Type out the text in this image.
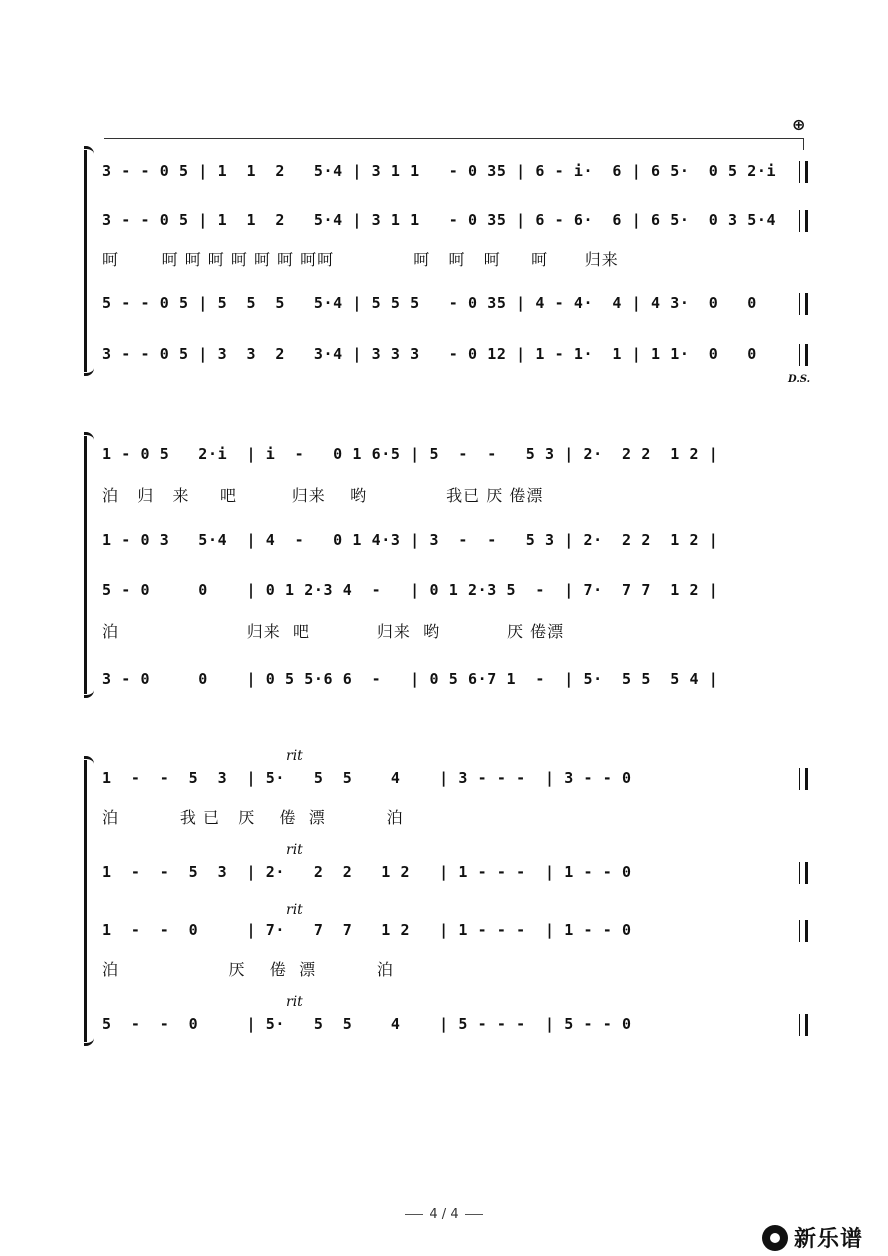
⊕
3 - - 0 5 | 1  1  2   5·4 | 3 1 1   - 0 35 | 6 - i·  6 | 6 5·  0 5 2·i
3 - - 0 5 | 1  1  2   5·4 | 3 1 1   - 0 35 | 6 - 6·  6 | 6 5·  0 3 5·4
呵       呵 呵 呵 呵 呵 呵 呵呵             呵   呵   呵     呵      归来
5 - - 0 5 | 5  5  5   5·4 | 5 5 5   - 0 35 | 4 - 4·  4 | 4 3·  0   0
3 - - 0 5 | 3  3  2   3·4 | 3 3 3   - 0 12 | 1 - 1·  1 | 1 1·  0   0
D.S.
1 - 0 5   2·i  | i  -   0 1 6·5 | 5  -  -   5 3 | 2·  2 2  1 2 |
泊   归   来     吧         归来    哟             我已 厌 倦漂
1 - 0 3   5·4  | 4  -   0 1 4·3 | 3  -  -   5 3 | 2·  2 2  1 2 |
5 - 0     0    | 0 1 2·3 4  -   | 0 1 2·3 5  -  | 7·  7 7  1 2 |
泊                     归来  吧           归来  哟           厌 倦漂
3 - 0     0    | 0 5 5·6 6  -   | 0 5 6·7 1  -  | 5·  5 5  5 4 |
rit
1  -  -  5  3  | 5·   5  5    4    | 3 - - -  | 3 - - 0
泊          我 已   厌    倦  漂          泊
rit
1  -  -  5  3  | 2·   2  2   1 2   | 1 - - -  | 1 - - 0
rit
1  -  -  0     | 7·   7  7   1 2   | 1 - - -  | 1 - - 0
泊                  厌    倦  漂          泊
rit
5  -  -  0     | 5·   5  5    4    | 5 - - -  | 5 - - 0
4 / 4
新乐谱
